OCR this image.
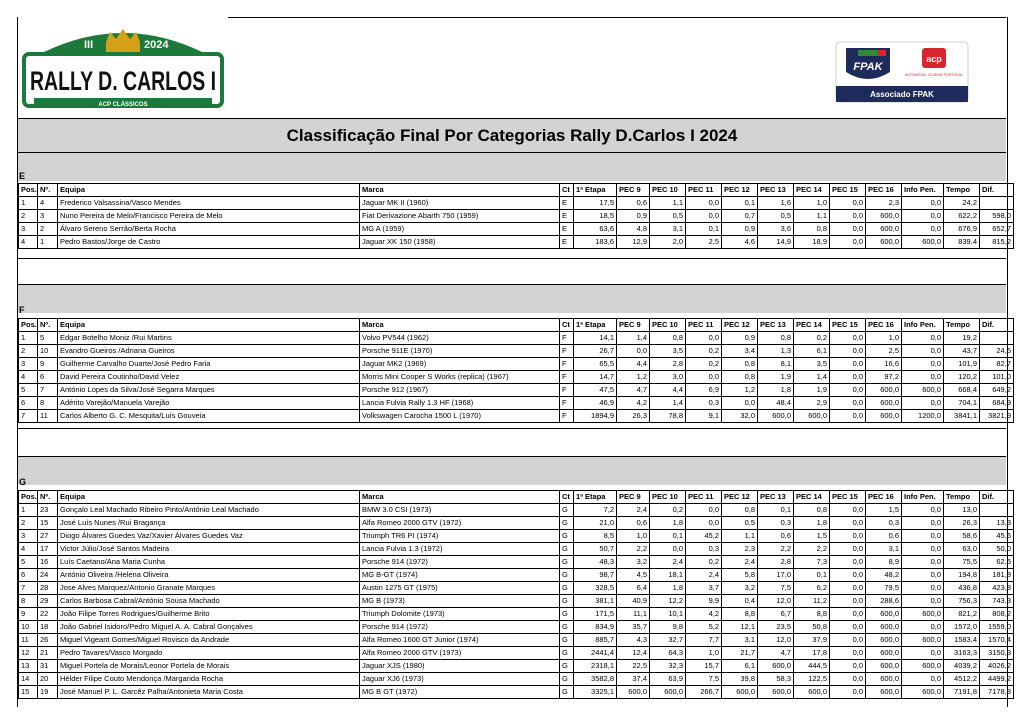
III	2024
RALLY D. CARLOS I
ACP CLÁSSICOS
FPAK
acp
AUTOMÓVEL CLUB DE PORTUGAL
Associado FPAK
Classificação Final Por Categorias Rally D.Carlos I 2024
E
Pos.	Nº.	Equipa	Marca	Ct	1ª Etapa	PEC 9	PEC 10	PEC 11	PEC 12	PEC 13	PEC 14	PEC 15	PEC 16	Info Pen.	Tempo	Dif.
1	4	Frederico Valsassina/Vasco Mendes	Jaguar MK II (1960)	E	17,5	0,6	1,1	0,0	0,1	1,6	1,0	0,0	2,3	0,0	24,2	
2	3	Nuno Pereira de Melo/Francisco Pereira de Melo	Fiat Derivazione Abarth 750 (1959)	E	18,5	0,9	0,5	0,0	0,7	0,5	1,1	0,0	600,0	0,0	622,2	598,0
3	2	Álvaro Sereno Serrão/Berta Rocha	MG A (1959)	E	63,6	4,8	3,1	0,1	0,9	3,6	0,8	0,0	600,0	0,0	676,9	652,7
4	1	Pedro Bastos/Jorge de Castro	Jaguar XK 150 (1958)	E	183,6	12,9	2,0	2,5	4,6	14,9	18,9	0,0	600,0	600,0	839,4	815,2
F
Pos.	Nº.	Equipa	Marca	Ct	1ª Etapa	PEC 9	PEC 10	PEC 11	PEC 12	PEC 13	PEC 14	PEC 15	PEC 16	Info Pen.	Tempo	Dif.
1	5	Edgar Botelho Moniz /Rui Martins	Volvo PV544 (1962)	F	14,1	1,4	0,8	0,0	0,9	0,8	0,2	0,0	1,0	0,0	19,2	
2	10	Evandro Gueiros /Adriana Gueiros	Porsche 911E (1970)	F	26,7	0,0	3,5	0,2	3,4	1,3	6,1	0,0	2,5	0,0	43,7	24,5
3	9	Guilherme Carvalho Duarte/José Pedro Faria	Jaguar MK2 (1969)	F	65,5	4,4	2,8	0,2	0,8	8,1	3,5	0,0	16,6	0,0	101,9	82,7
4	6	David Pereira Coutinho/David Velez	Morris Mini Cooper S Works (replica) (1967)	F	14,7	1,2	3,0	0,0	0,8	1,9	1,4	0,0	97,2	0,0	120,2	101,0
5	7	António Lopes da Silva/José Segarra Marques	Porsche 912 (1967)	F	47,5	4,7	4,4	6,9	1,2	1,8	1,9	0,0	600,0	600,0	668,4	649,2
6	8	Adérito Varejão/Manuela Varejão	Lancia Fulvia Rally 1.3 HF (1968)	F	46,9	4,2	1,4	0,3	0,0	48,4	2,9	0,0	600,0	0,0	704,1	684,9
7	11	Carlos Alberto G. C. Mesquita/Luís Gouveia	Volkswagen Carocha 1500 L (1970)	F	1894,9	26,3	78,8	9,1	32,0	600,0	600,0	0,0	600,0	1200,0	3841,1	3821,9
G
Pos.	Nº.	Equipa	Marca	Ct	1ª Etapa	PEC 9	PEC 10	PEC 11	PEC 12	PEC 13	PEC 14	PEC 15	PEC 16	Info Pen.	Tempo	Dif.
1	23	Gonçalo Leal Machado Ribeiro Pinto/António Leal Machado	BMW 3.0 CSI (1973)	G	7,2	2,4	0,2	0,0	0,8	0,1	0,8	0,0	1,5	0,0	13,0	
2	15	José Luís Nunes /Rui Bragança	Alfa Romeo 2000 GTV (1972)	G	21,0	0,6	1,8	0,0	0,5	0,3	1,8	0,0	0,3	0,0	26,3	13,3
3	27	Diogo Álvares Guedes Vaz/Xavier Álvares Guedes Vaz	Triumph TR6 PI (1974)	G	8,5	1,0	0,1	45,2	1,1	0,6	1,5	0,0	0,6	0,0	58,6	45,6
4	17	Victor Júlio/José Santos Madeira	Lancia Fulvia 1.3 (1972)	G	50,7	2,2	0,0	0,3	2,3	2,2	2,2	0,0	3,1	0,0	63,0	50,0
5	16	Luís Caetano/Ana Maria Cunha	Porsche 914 (1972)	G	48,3	3,2	2,4	0,2	2,4	2,8	7,3	0,0	8,9	0,0	75,5	62,5
6	24	António Oliveira /Helena Oliveira	MG B-GT (1974)	G	98,7	4,5	18,1	2,4	5,8	17,0	0,1	0,0	48,2	0,0	194,8	181,8
7	28	Jose Alves Marquez/Antonio Granate Marques	Austin 1275 GT (1975)	G	328,5	6,4	1,8	3,7	3,2	7,5	6,2	0,0	79,5	0,0	436,8	423,8
8	29	Carlos Barbosa Cabral/António Sousa Machado	MG B (1973)	G	381,1	40,9	12,2	9,9	0,4	12,0	11,2	0,0	288,6	0,0	756,3	743,3
9	22	João Filipe Torres Rodrigues/Guilherme Brito	Triumph Dolomite (1973)	G	171,5	11,1	10,1	4,2	8,8	6,7	8,8	0,0	600,0	600,0	821,2	808,2
10	18	João Gabriel Isidoro/Pedro Miguel A. A. Cabral Gonçalves	Porsche 914 (1972)	G	834,9	35,7	9,8	5,2	12,1	23,5	50,8	0,0	600,0	0,0	1572,0	1559,0
11	26	Miguel Vigeant Gomes/Miguel Rovisco da Andrade	Alfa Romeo 1600 GT Junior (1974)	G	885,7	4,3	32,7	7,7	3,1	12,0	37,9	0,0	600,0	600,0	1583,4	1570,4
12	21	Pedro Tavares/Vasco Morgado	Alfa Romeo 2000 GTV (1973)	G	2441,4	12,4	64,3	1,0	21,7	4,7	17,8	0,0	600,0	0,0	3163,3	3150,3
13	31	Miguel Portela de Morais/Leonor Portela de Morais	Jaguar XJS (1980)	G	2318,1	22,5	32,3	15,7	6,1	600,0	444,5	0,0	600,0	600,0	4039,2	4026,2
14	20	Hélder Filipe Couto Mendonça /Margarida Rocha	Jaguar XJ6 (1973)	G	3582,8	37,4	63,9	7,5	39,8	58,3	122,5	0,0	600,0	0,0	4512,2	4499,2
15	19	José Manuel P. L. Garcêz Palha/Antonieta Maria Costa	MG B GT (1972)	G	3325,1	600,0	600,0	266,7	600,0	600,0	600,0	0,0	600,0	600,0	7191,8	7178,8
